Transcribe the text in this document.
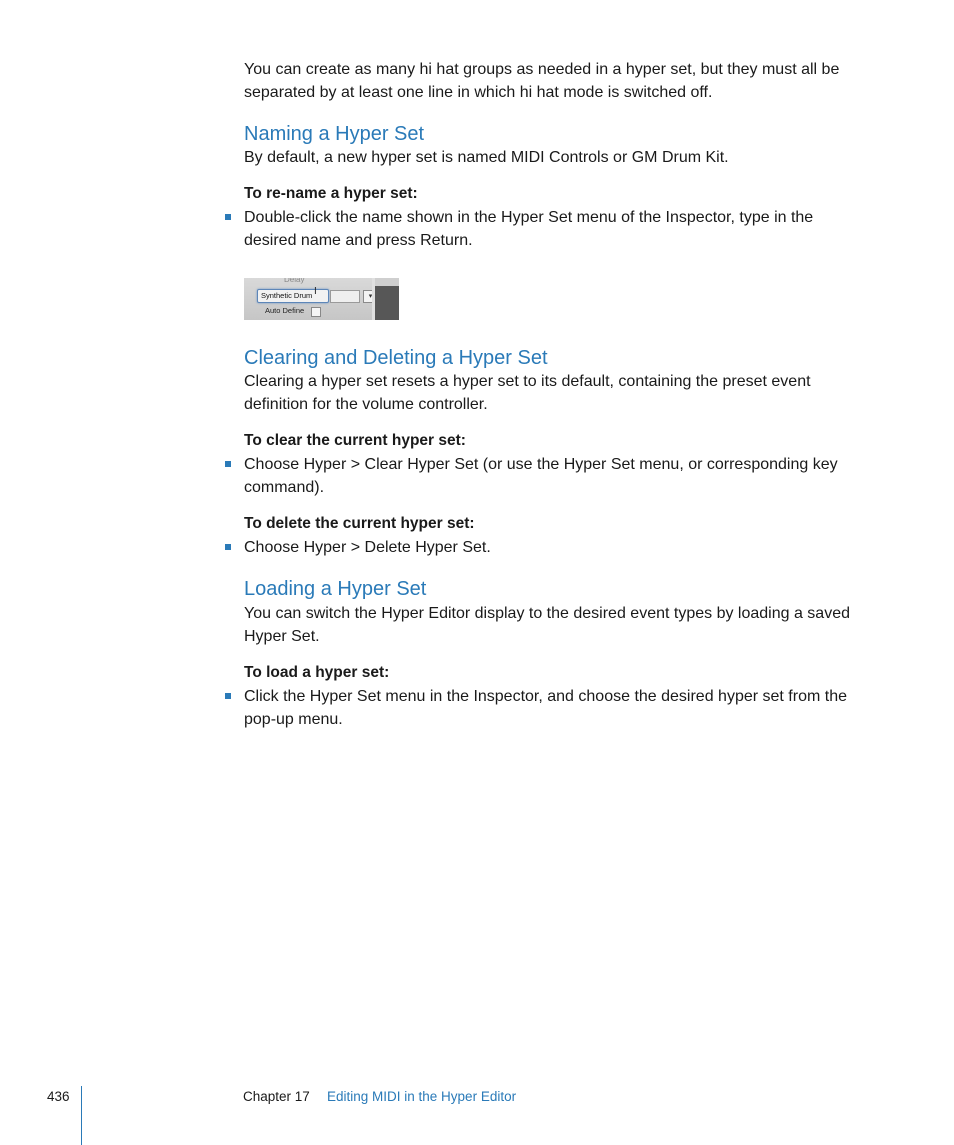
You can create as many hi hat groups as needed in a hyper set, but they must all be separated by at least one line in which hi hat mode is switched off.

Naming a Hyper Set

By default, a new hyper set is named MIDI Controls or GM Drum Kit.

To re-name a hyper set:

Double-click the name shown in the Hyper Set menu of the Inspector, type in the desired name and press Return.

Delay
Synthetic Drum I	▾
Auto Define
Clearing and Deleting a Hyper Set

Clearing a hyper set resets a hyper set to its default, containing the preset event definition for the volume controller.

To clear the current hyper set:

Choose Hyper > Clear Hyper Set (or use the Hyper Set menu, or corresponding key command).

To delete the current hyper set:

Choose Hyper > Delete Hyper Set.

Loading a Hyper Set

You can switch the Hyper Editor display to the desired event types by loading a saved Hyper Set.

To load a hyper set:

Click the Hyper Set menu in the Inspector, and choose the desired hyper set from the pop-up menu.

436	Chapter 17 Editing MIDI in the Hyper Editor
